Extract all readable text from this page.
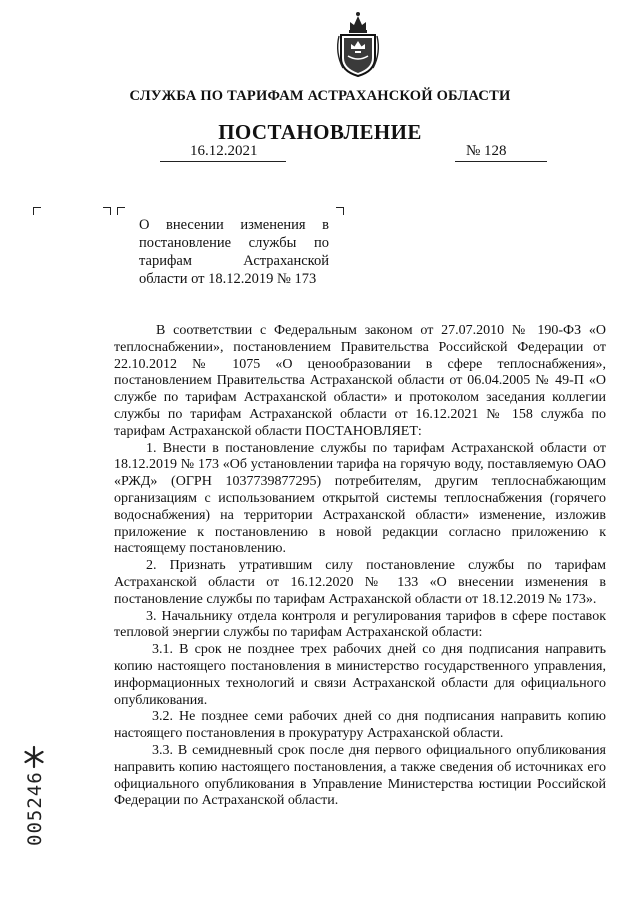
СЛУЖБА ПО ТАРИФАМ АСТРАХАНСКОЙ ОБЛАСТИ
ПОСТАНОВЛЕНИЕ
16.12.2021	№ 128
О внесении изменения в
постановление службы по
тарифам Астраханской
области от 18.12.2019 № 173

В соответствии с Федеральным законом от 27.07.2010 № 190-ФЗ «О теплоснабжении», постановлением Правительства Российской Федерации от 22.10.2012 № 1075 «О ценообразовании в сфере теплоснабжения», постановлением Правительства Астраханской области от 06.04.2005 № 49-П «О службе по тарифам Астраханской области» и протоколом заседания коллегии службы по тарифам Астраханской области от 16.12.2021 № 158 служба по тарифам Астраханской области ПОСТАНОВЛЯЕТ:

1. Внести в постановление службы по тарифам Астраханской области от 18.12.2019 № 173 «Об установлении тарифа на горячую воду, поставляемую ОАО «РЖД» (ОГРН 1037739877295) потребителям, другим теплоснабжающим организациям с использованием открытой системы теплоснабжения (горячего водоснабжения) на территории Астраханской области» изменение, изложив приложение к постановлению в новой редакции согласно приложению к настоящему постановлению.

2. Признать утратившим силу постановление службы по тарифам Астраханской области от 16.12.2020 № 133 «О внесении изменения в постановление службы по тарифам Астраханской области от 18.12.2019 № 173».

3. Начальнику отдела контроля и регулирования тарифов в сфере поставок тепловой энергии службы по тарифам Астраханской области:

3.1. В срок не позднее трех рабочих дней со дня подписания направить копию настоящего постановления в министерство государственного управления, информационных технологий и связи Астраханской области для официального опубликования.

3.2. Не позднее семи рабочих дней со дня подписания направить копию настоящего постановления в прокуратуру Астраханской области.

3.3. В семидневный срок после дня первого официального опубликования направить копию настоящего постановления, а также сведения об источниках его официального опубликования в Управление Министерства юстиции Российской Федерации по Астраханской области.

005246
